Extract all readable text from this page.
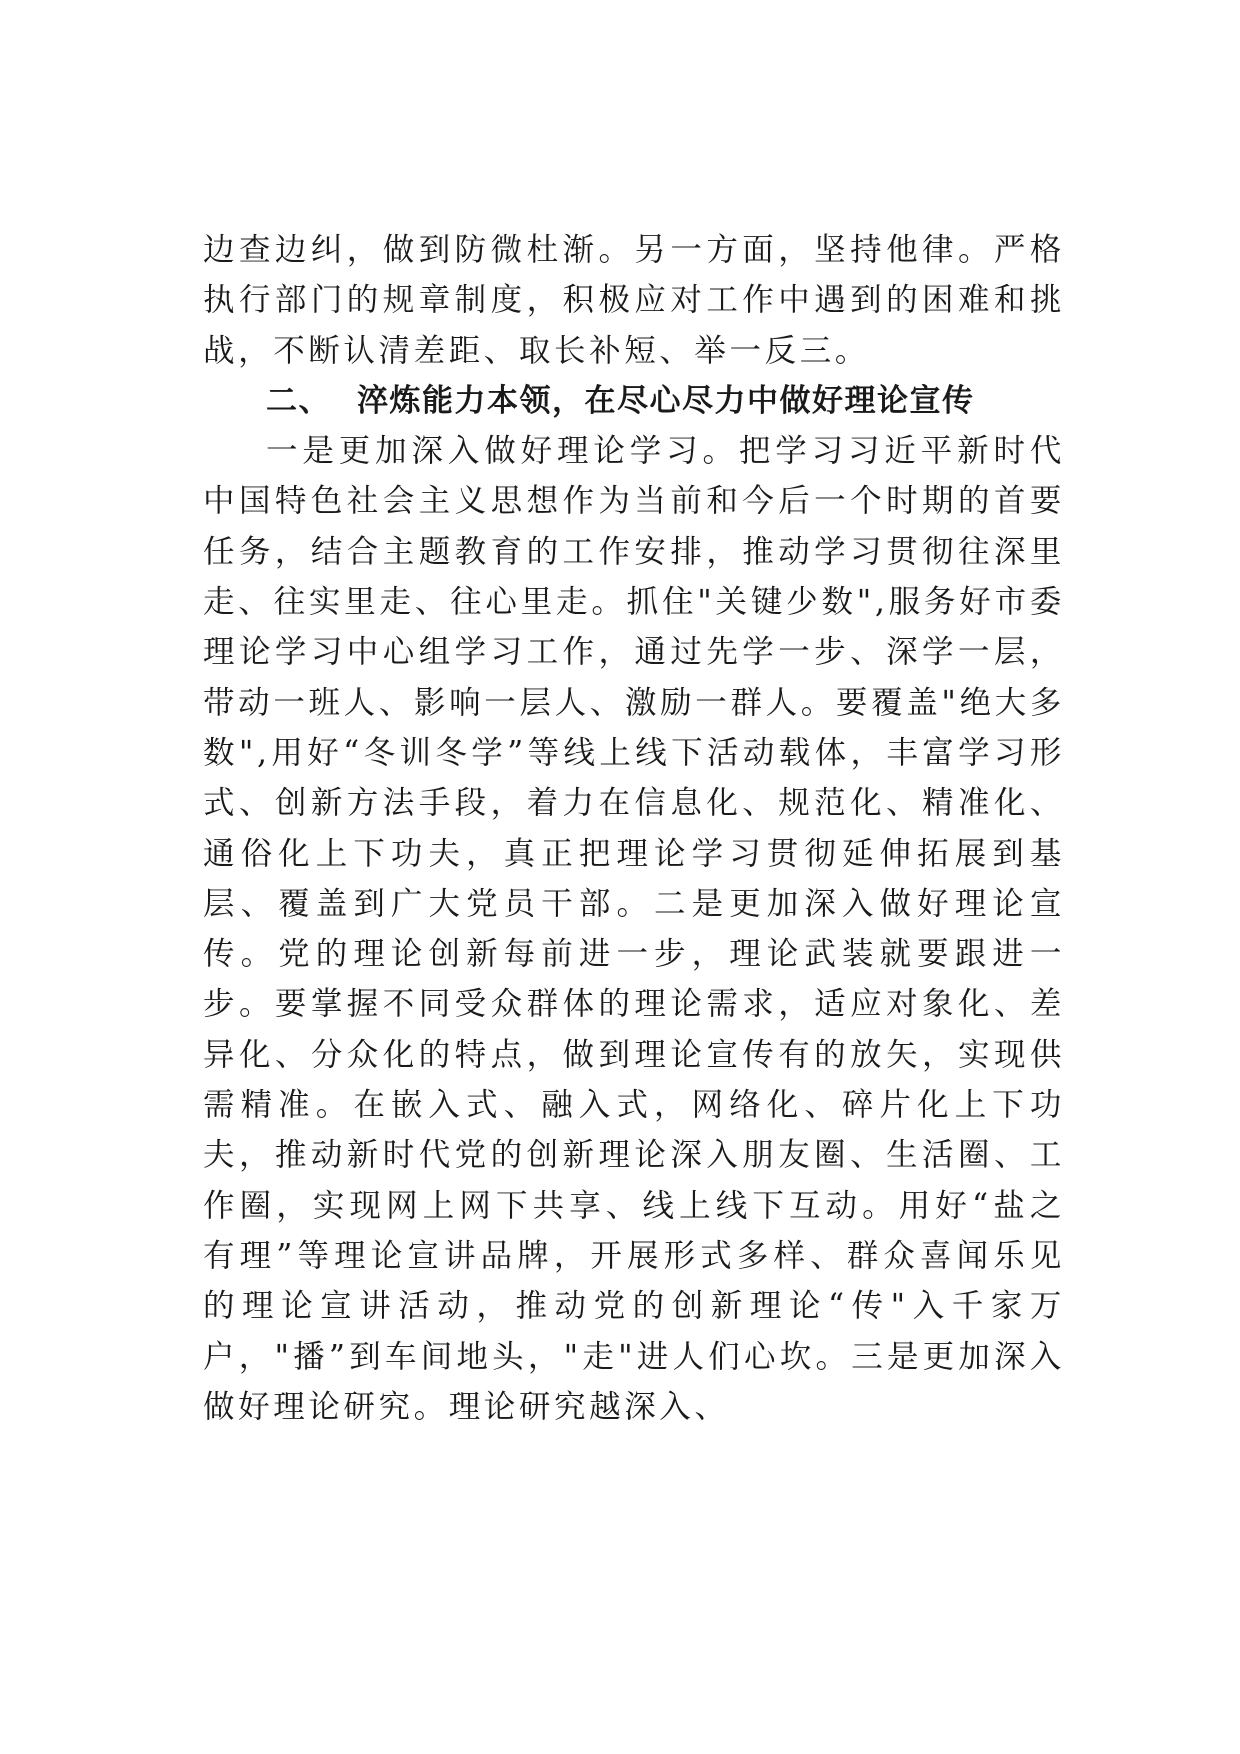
边查边纠，做到防微杜渐。另一方面，坚持他律。严格执行部门的规章制度，积极应对工作中遇到的困难和挑战，不断认清差距、取长补短、举一反三。

二、 淬炼能力本领，在尽心尽力中做好理论宣传

一是更加深入做好理论学习。把学习习近平新时代中国特色社会主义思想作为当前和今后一个时期的首要任务，结合主题教育的工作安排，推动学习贯彻往深里走、往实里走、往心里走。抓住"关键少数",服务好市委理论学习中心组学习工作，通过先学一步、深学一层，带动一班人、影响一层人、激励一群人。要覆盖"绝大多数",用好“冬训冬学”等线上线下活动载体，丰富学习形式、创新方法手段，着力在信息化、规范化、精准化、通俗化上下功夫，真正把理论学习贯彻延伸拓展到基层、覆盖到广大党员干部。二是更加深入做好理论宣传。党的理论创新每前进一步，理论武装就要跟进一步。要掌握不同受众群体的理论需求，适应对象化、差异化、分众化的特点，做到理论宣传有的放矢，实现供需精准。在嵌入式、融入式，网络化、碎片化上下功夫，推动新时代党的创新理论深入朋友圈、生活圈、工作圈，实现网上网下共享、线上线下互动。用好“盐之有理”等理论宣讲品牌，开展形式多样、群众喜闻乐见的理论宣讲活动，推动党的创新理论“传"入千家万户，"播”到车间地头，"走"进人们心坎。三是更加深入做好理论研究。理论研究越深入、
